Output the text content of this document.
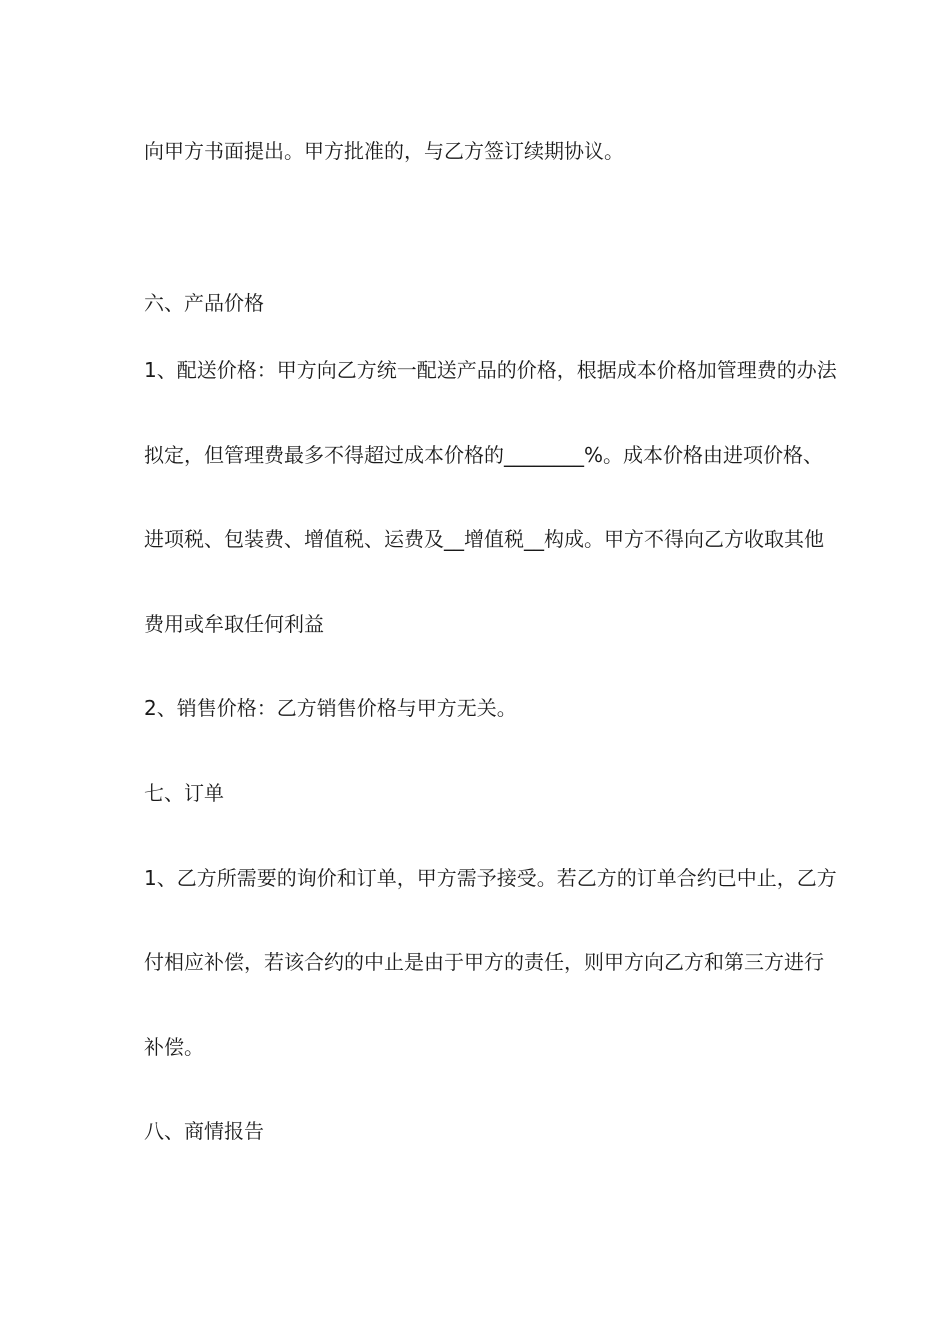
向甲方书面提出。甲方批准的，与乙方签订续期协议。
六、产品价格
1、配送价格：甲方向乙方统一配送产品的价格，根据成本价格加管理费的办法
拟定，但管理费最多不得超过成本价格的________%。成本价格由进项价格、
进项税、包装费、增值税、运费及__增值税__构成。甲方不得向乙方收取其他
费用或牟取任何利益
2、销售价格：乙方销售价格与甲方无关。
七、订单
1、乙方所需要的询价和订单，甲方需予接受。若乙方的订单合约已中止，乙方
付相应补偿，若该合约的中止是由于甲方的责任，则甲方向乙方和第三方进行
补偿。
八、商情报告
